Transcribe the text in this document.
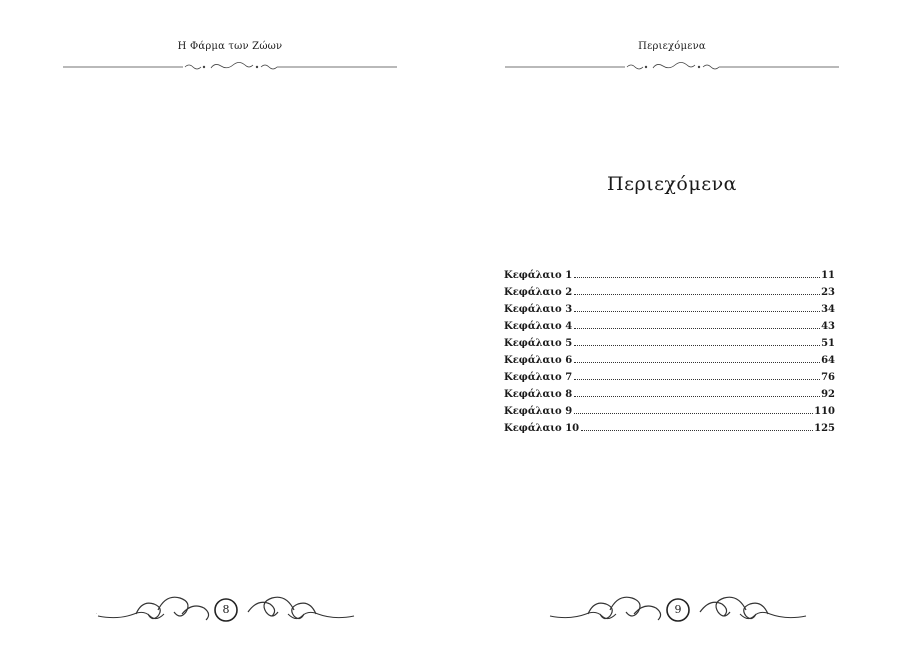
Η Φάρμα των Ζώων
8
Περιεχόμενα
Περιεχόμενα
Κεφάλαιο 1	11
Κεφάλαιο 2	23
Κεφάλαιο 3	34
Κεφάλαιο 4	43
Κεφάλαιο 5	51
Κεφάλαιο 6	64
Κεφάλαιο 7	76
Κεφάλαιο 8	92
Κεφάλαιο 9	110
Κεφάλαιο 10	125
9
